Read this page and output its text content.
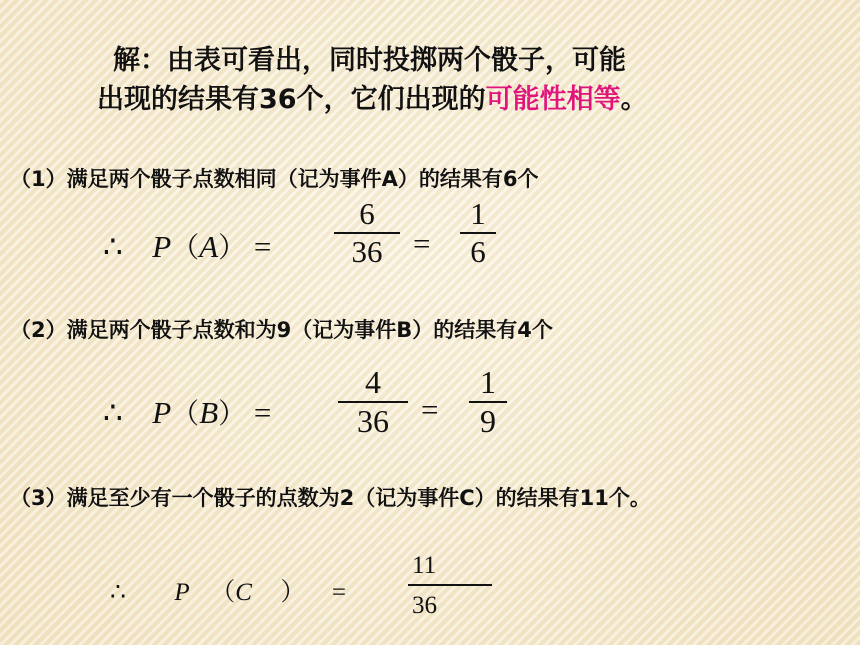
解：由表可看出，同时投掷两个骰子，可能
出现的结果有36个，它们出现的可能性相等。
（1）满足两个骰子点数相同（记为事件A）的结果有6个
∴ P（A） =
6
36 =
1
6
（2）满足两个骰子点数和为9（记为事件B）的结果有4个
∴ P（B） =
4
36	=
1
9
（3）满足至少有一个骰子的点数为2（记为事件C）的结果有11个。
∴ P （C ） =
11
36
